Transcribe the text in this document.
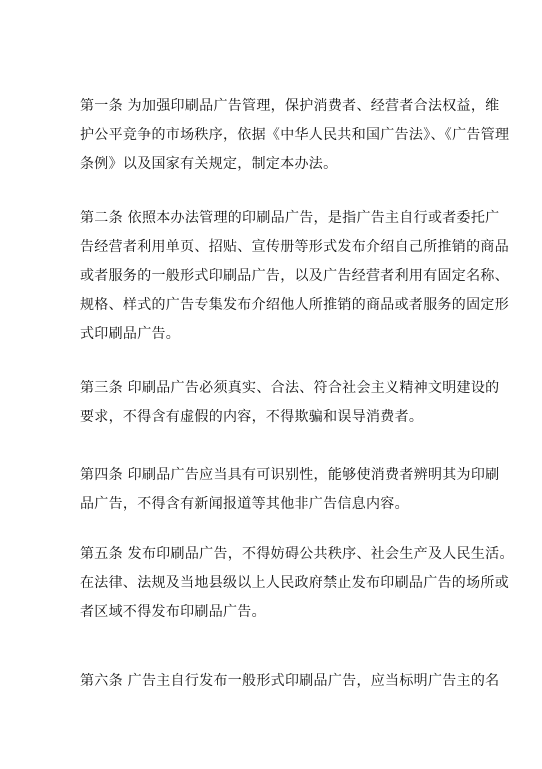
第一条 为加强印刷品广告管理，保护消费者、经营者合法权益，维
护公平竞争的市场秩序，依据《中华人民共和国广告法》、《广告管理
条例》以及国家有关规定，制定本办法。

第二条 依照本办法管理的印刷品广告，是指广告主自行或者委托广
告经营者利用单页、招贴、宣传册等形式发布介绍自己所推销的商品
或者服务的一般形式印刷品广告，以及广告经营者利用有固定名称、
规格、样式的广告专集发布介绍他人所推销的商品或者服务的固定形
式印刷品广告。

第三条 印刷品广告必须真实、合法、符合社会主义精神文明建设的
要求，不得含有虚假的内容，不得欺骗和误导消费者。

第四条 印刷品广告应当具有可识别性，能够使消费者辨明其为印刷
品广告，不得含有新闻报道等其他非广告信息内容。

第五条 发布印刷品广告，不得妨碍公共秩序、社会生产及人民生活。
在法律、法规及当地县级以上人民政府禁止发布印刷品广告的场所或
者区域不得发布印刷品广告。

第六条 广告主自行发布一般形式印刷品广告，应当标明广告主的名
